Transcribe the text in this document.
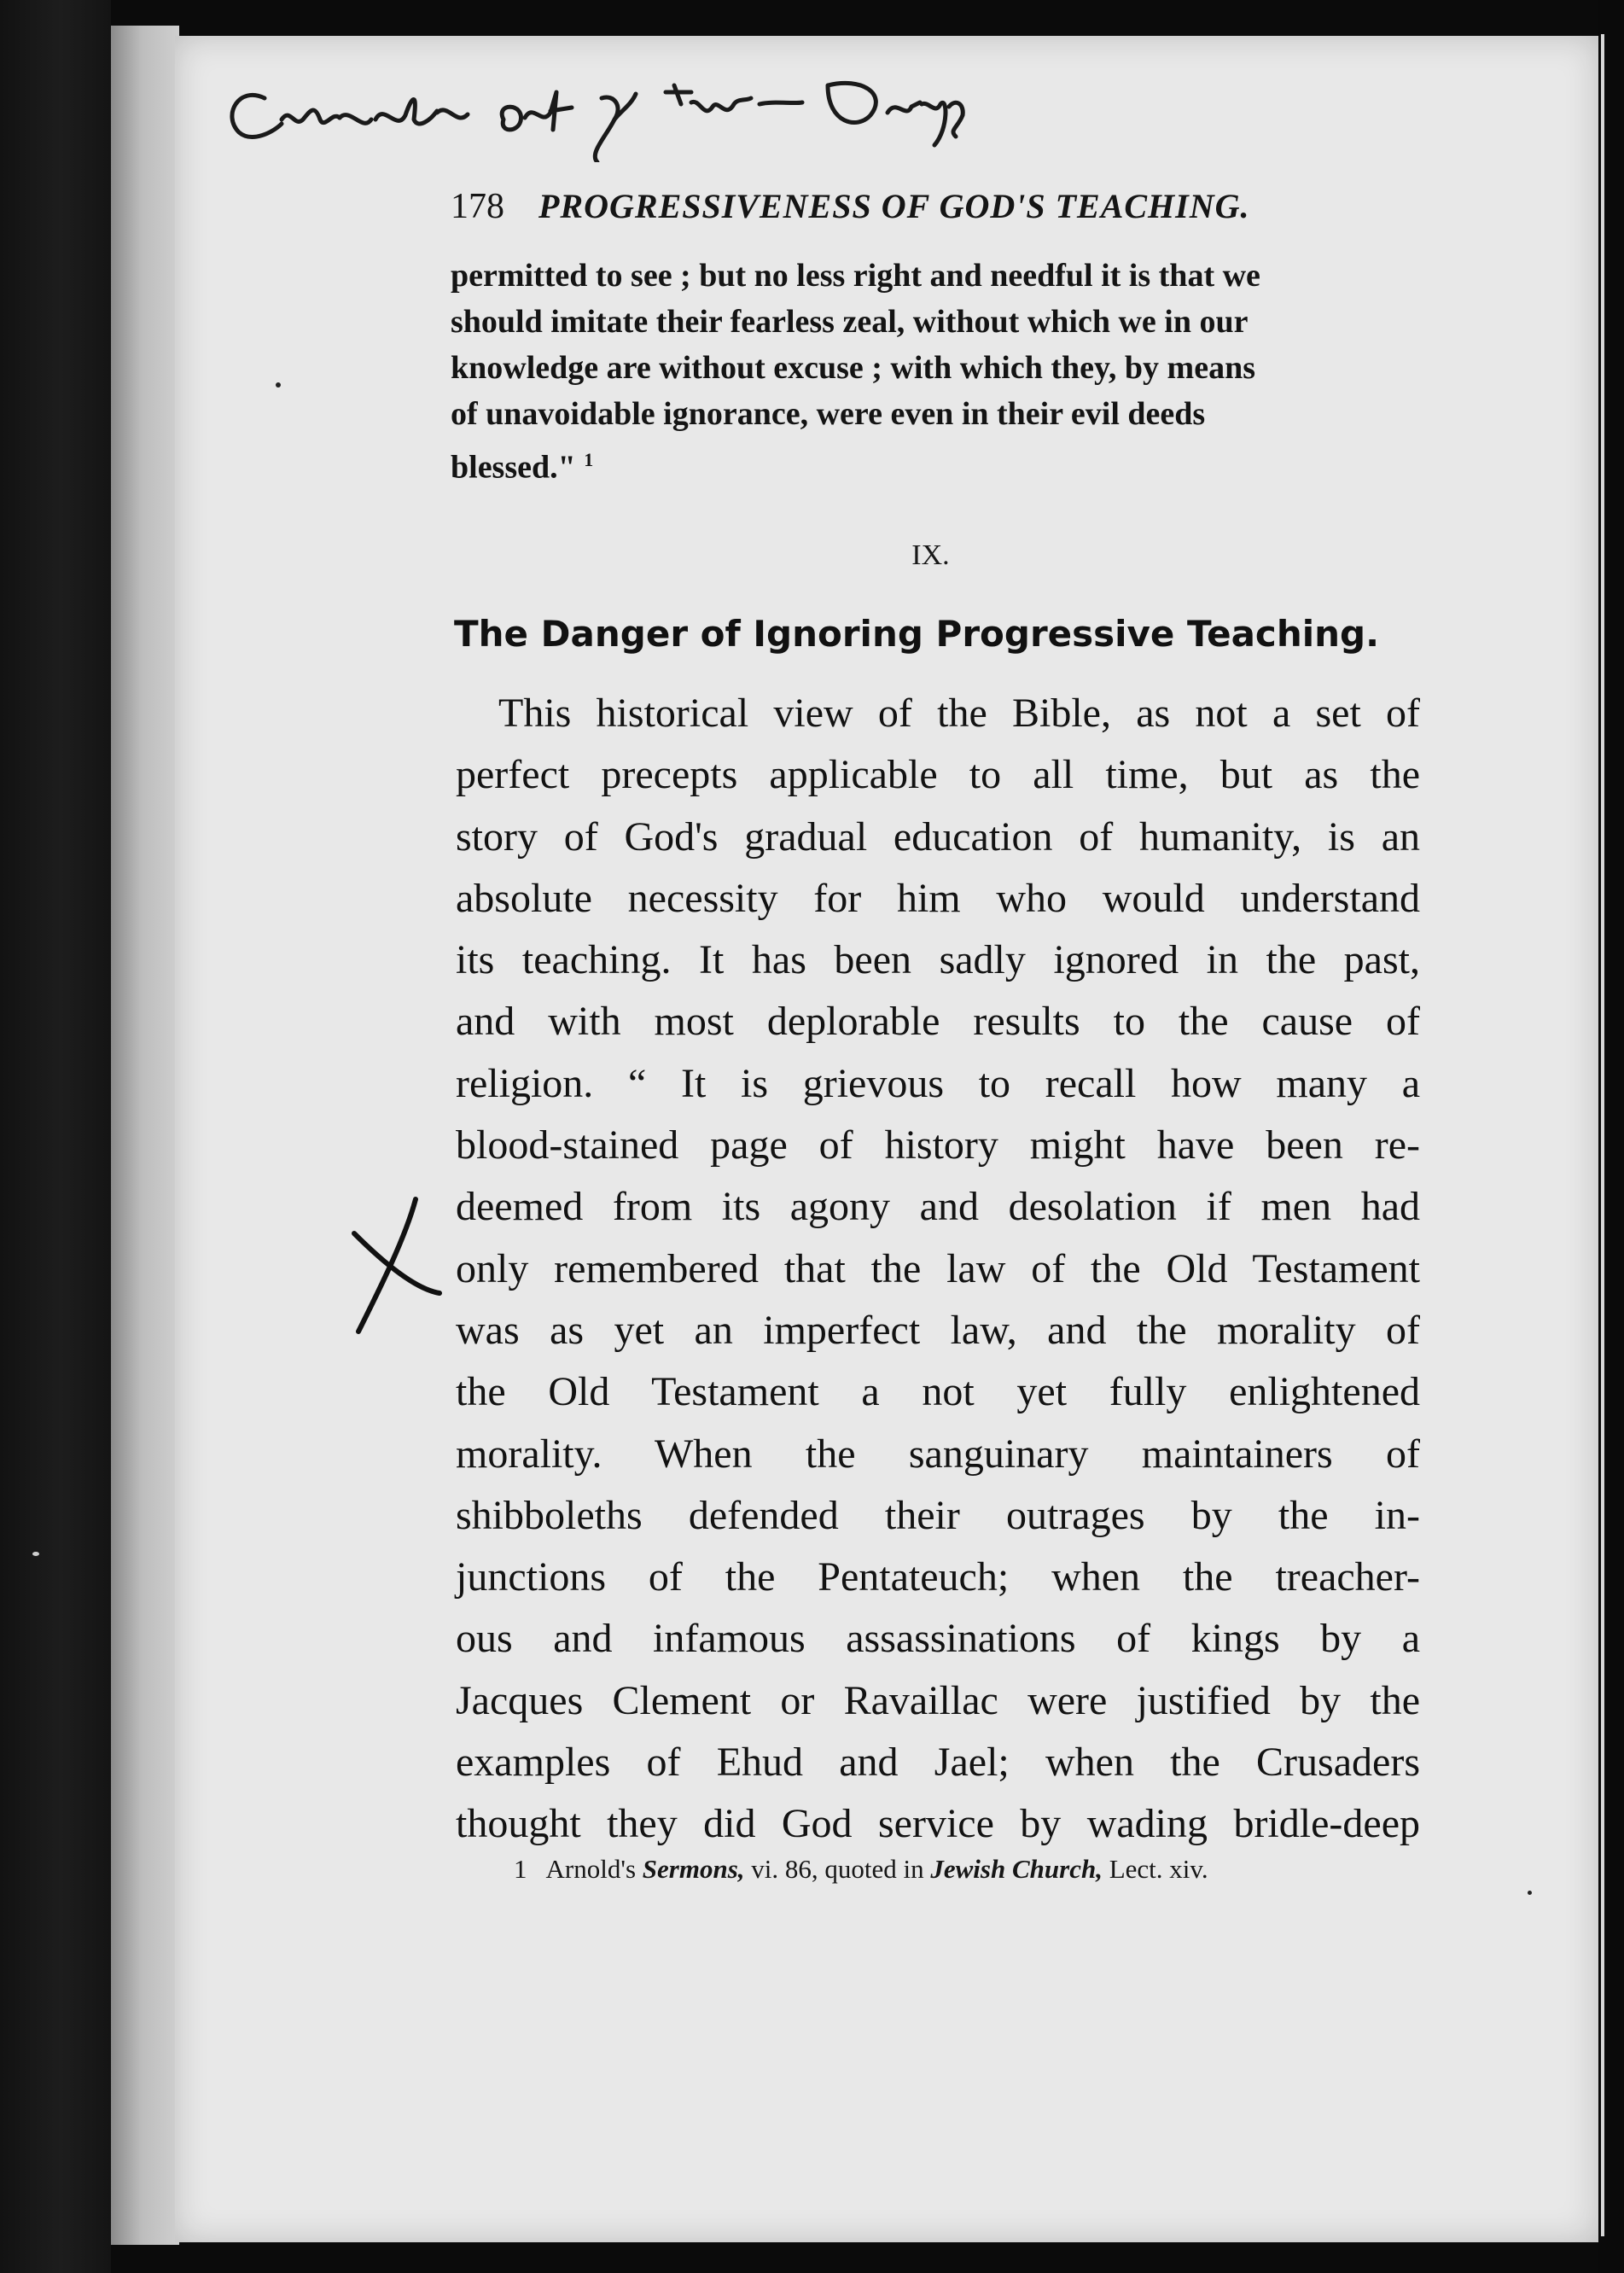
178 PROGRESSIVENESS OF GOD'S TEACHING.
permitted to see ; but no less right and needful it is that we
should imitate their fearless zeal, without which we in our
knowledge are without excuse ; with which they, by means
of unavoidable ignorance, were even in their evil deeds
blessed." $^1$
IX.
The Danger of Ignoring Progressive Teaching.
This historical view of the Bible, as not a set of
perfect precepts applicable to all time, but as the
story of God's gradual education of humanity, is an
absolute necessity for him who would understand
its teaching. It has been sadly ignored in the past,
and with most deplorable results to the cause of
religion. “ It is grievous to recall how many a
blood-stained page of history might have been re-
deemed from its agony and desolation if men had
only remembered that the law of the Old Testament
was as yet an imperfect law, and the morality of
the Old Testament a not yet fully enlightened
morality. When the sanguinary maintainers of
shibboleths defended their outrages by the in-
junctions of the Pentateuch; when the treacher-
ous and infamous assassinations of kings by a
Jacques Clement or Ravaillac were justified by the
examples of Ehud and Jael; when the Crusaders
thought they did God service by wading bridle-deep
1 Arnold's Sermons, vi. 86, quoted in Jewish Church, Lect. xiv.
